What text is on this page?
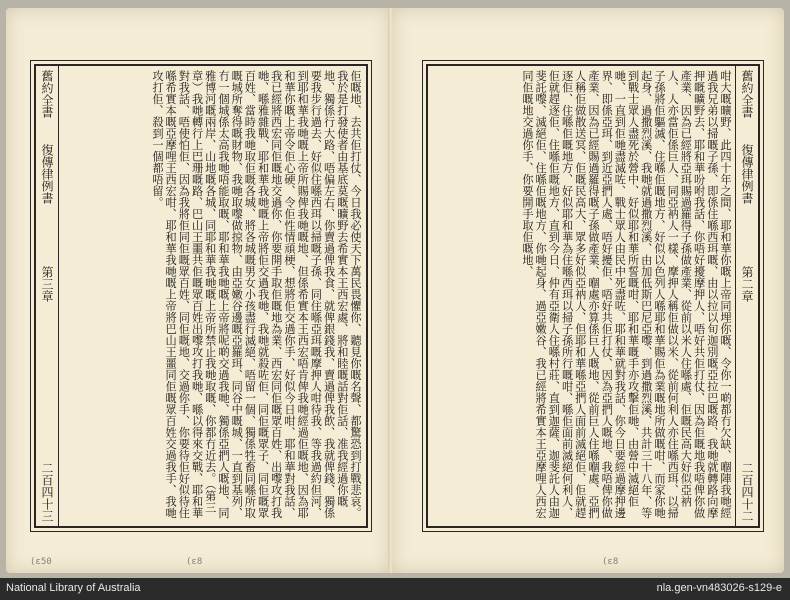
舊約全書
復傳律例書
第三章
二百四十三	佢嘅地、去共佢打仗、今日我必使天下萬民畏懼你、聽見你嘅名聲、都驚恐到打戰悲哀。我於是打發使者由基底莫嘅曠野去希實本王西宏處、將和睦嘅話對佢話、准我經過你嘅地、獨係行大路、唔偏左右、你賣過俾我食、就俾銀錢我、賣過俾我飲、我就俾錢、獨係要我步行過去、好似住喺西珥以掃嘅子孫、同住喺亞珥嘅摩押人咁待我、等我過約但河、到耶和華我哋嘅上帝所賜俾我哋嘅地、但係希實本王西宏唔肯俾我哋經過佢嘅地、因為耶和華你嘅上帝令佢心硬、令佢性情頑梗、想將佢交過你手、好似今日咁、耶和華對我話、我已經將西宏同佢嘅地交過你、你要開手取佢嘅地為業、西宏同佢嘅眾百姓、出嚟攻打我哋、喺雅雜戰、耶和華我哋嘅上帝將佢交過我哋、我哋就殺咗佢、同佢嘅眾子、同佢嘅眾百姓、當時我哋取佢嘅各城、將各城嘅男女小孩盡行滅絕、唔留一個、獨係牲畜同喺所取嘅城所奪得嘅財物、我哋取嚟做掠物、由亞嫩谷邊嘅亞羅珥、同谷中嘅城、一直到基列、冇一個城係太高我哋唔能取嘅、耶和華我哋嘅上帝將呢啲交過我哋、獨係亞捫人嘅地、同雅博河嘅兩岸、山地嘅各城、同耶和華我哋嘅上帝所禁止我哋取嘅、你都冇近去。（第三章）我哋轉行上巴珊嘅路、巴山王噩共佢嘅眾百姓出嚟攻打我哋、喺以得來交戰、耶和華對我話、唔使怕佢、因為我將佢同佢嘅眾百姓、同佢嘅地、交過你手、你要待佢好似待住喺希實本嘅亞摩哩王西宏咁、耶和華我哋嘅上帝將巴山王噩同佢嘅眾百姓交過我手、我哋攻打佢、殺到一個都唔留。

(ε8
(ε50

咁大嘅曠野、此四十年之間、耶和華你嘅上帝同埋你嘅、令你一啲都冇欠缺、嗰陣我哋經過我兄弟以掃嘅子孫、即係住喺西珥嘅、由以拉以旬迦別嘅亞拉巴嘅路、我哋就轉路向摩押嘅曠野去、耶和華吩咐我話、你唔好擾摩押人、唔好共佢打仗、因為佢嘅地我唔俾你做產業、因為已經將亞珥賜過羅得子孫做產業、從前以米人住喺處、佢嘅民高大好似亞衲人、人亦當佢係巨人、同亞衲人一樣、摩押人稱佢做以米、從前何利人亦住喺西珥、以掃子孫將佢驅滅、住喺佢嘅地方、好似以色列人喺耶和華賜佢為業嘅地所做嘅咁、而家你哋起身、過撒烈溪、我哋就過撒烈溪、由加低斯巴尼亞嚟、到過撒烈溪、共計三十八年、等到戰士眾人盡死於營中、好似耶和華所誓嘅咁、耶和華嘅手亦攻擊佢哋、由營中滅絕佢哋、一直到佢哋盡滅咗、戰士眾人由民中死盡咗、耶和華就對我話、你今日要經過摩押邊界、即係亞珥、到近亞捫人處、唔好擾佢、唔好共佢打仗、因為亞捫人嘅地、我唔俾你做產業、因為已經賜過羅得嘅子孫做產業、嗰處亦算係巨人嘅地、從前巨人住喺嗰處、亞捫人稱佢做散送冥、佢嘅民高大、眾多好似亞衲人、但耶和華喺亞捫人面前滅絕佢、佢就趕逐佢、住喺佢嘅地方、好似耶和華為住喺西珥以掃子孫所行嘅咁、喺佢面前滅絕何利人、佢就趕逐佢、住喺佢嘅地方、直到今日、仲有亞衛人住喺村莊、直到迦薩、迦斐託人由迦斐託嚟、滅絕佢、住喺佢嘅地方、你哋起身、過亞嫩谷、我已經將希實本王亞摩哩人西宏同佢嘅地交過你手、你要開手取佢嘅地、	舊約全書
復傳律例書
第二章
二百四十二
(ε8
National Library of Australia	nla.gen-vn483026-s129-e
